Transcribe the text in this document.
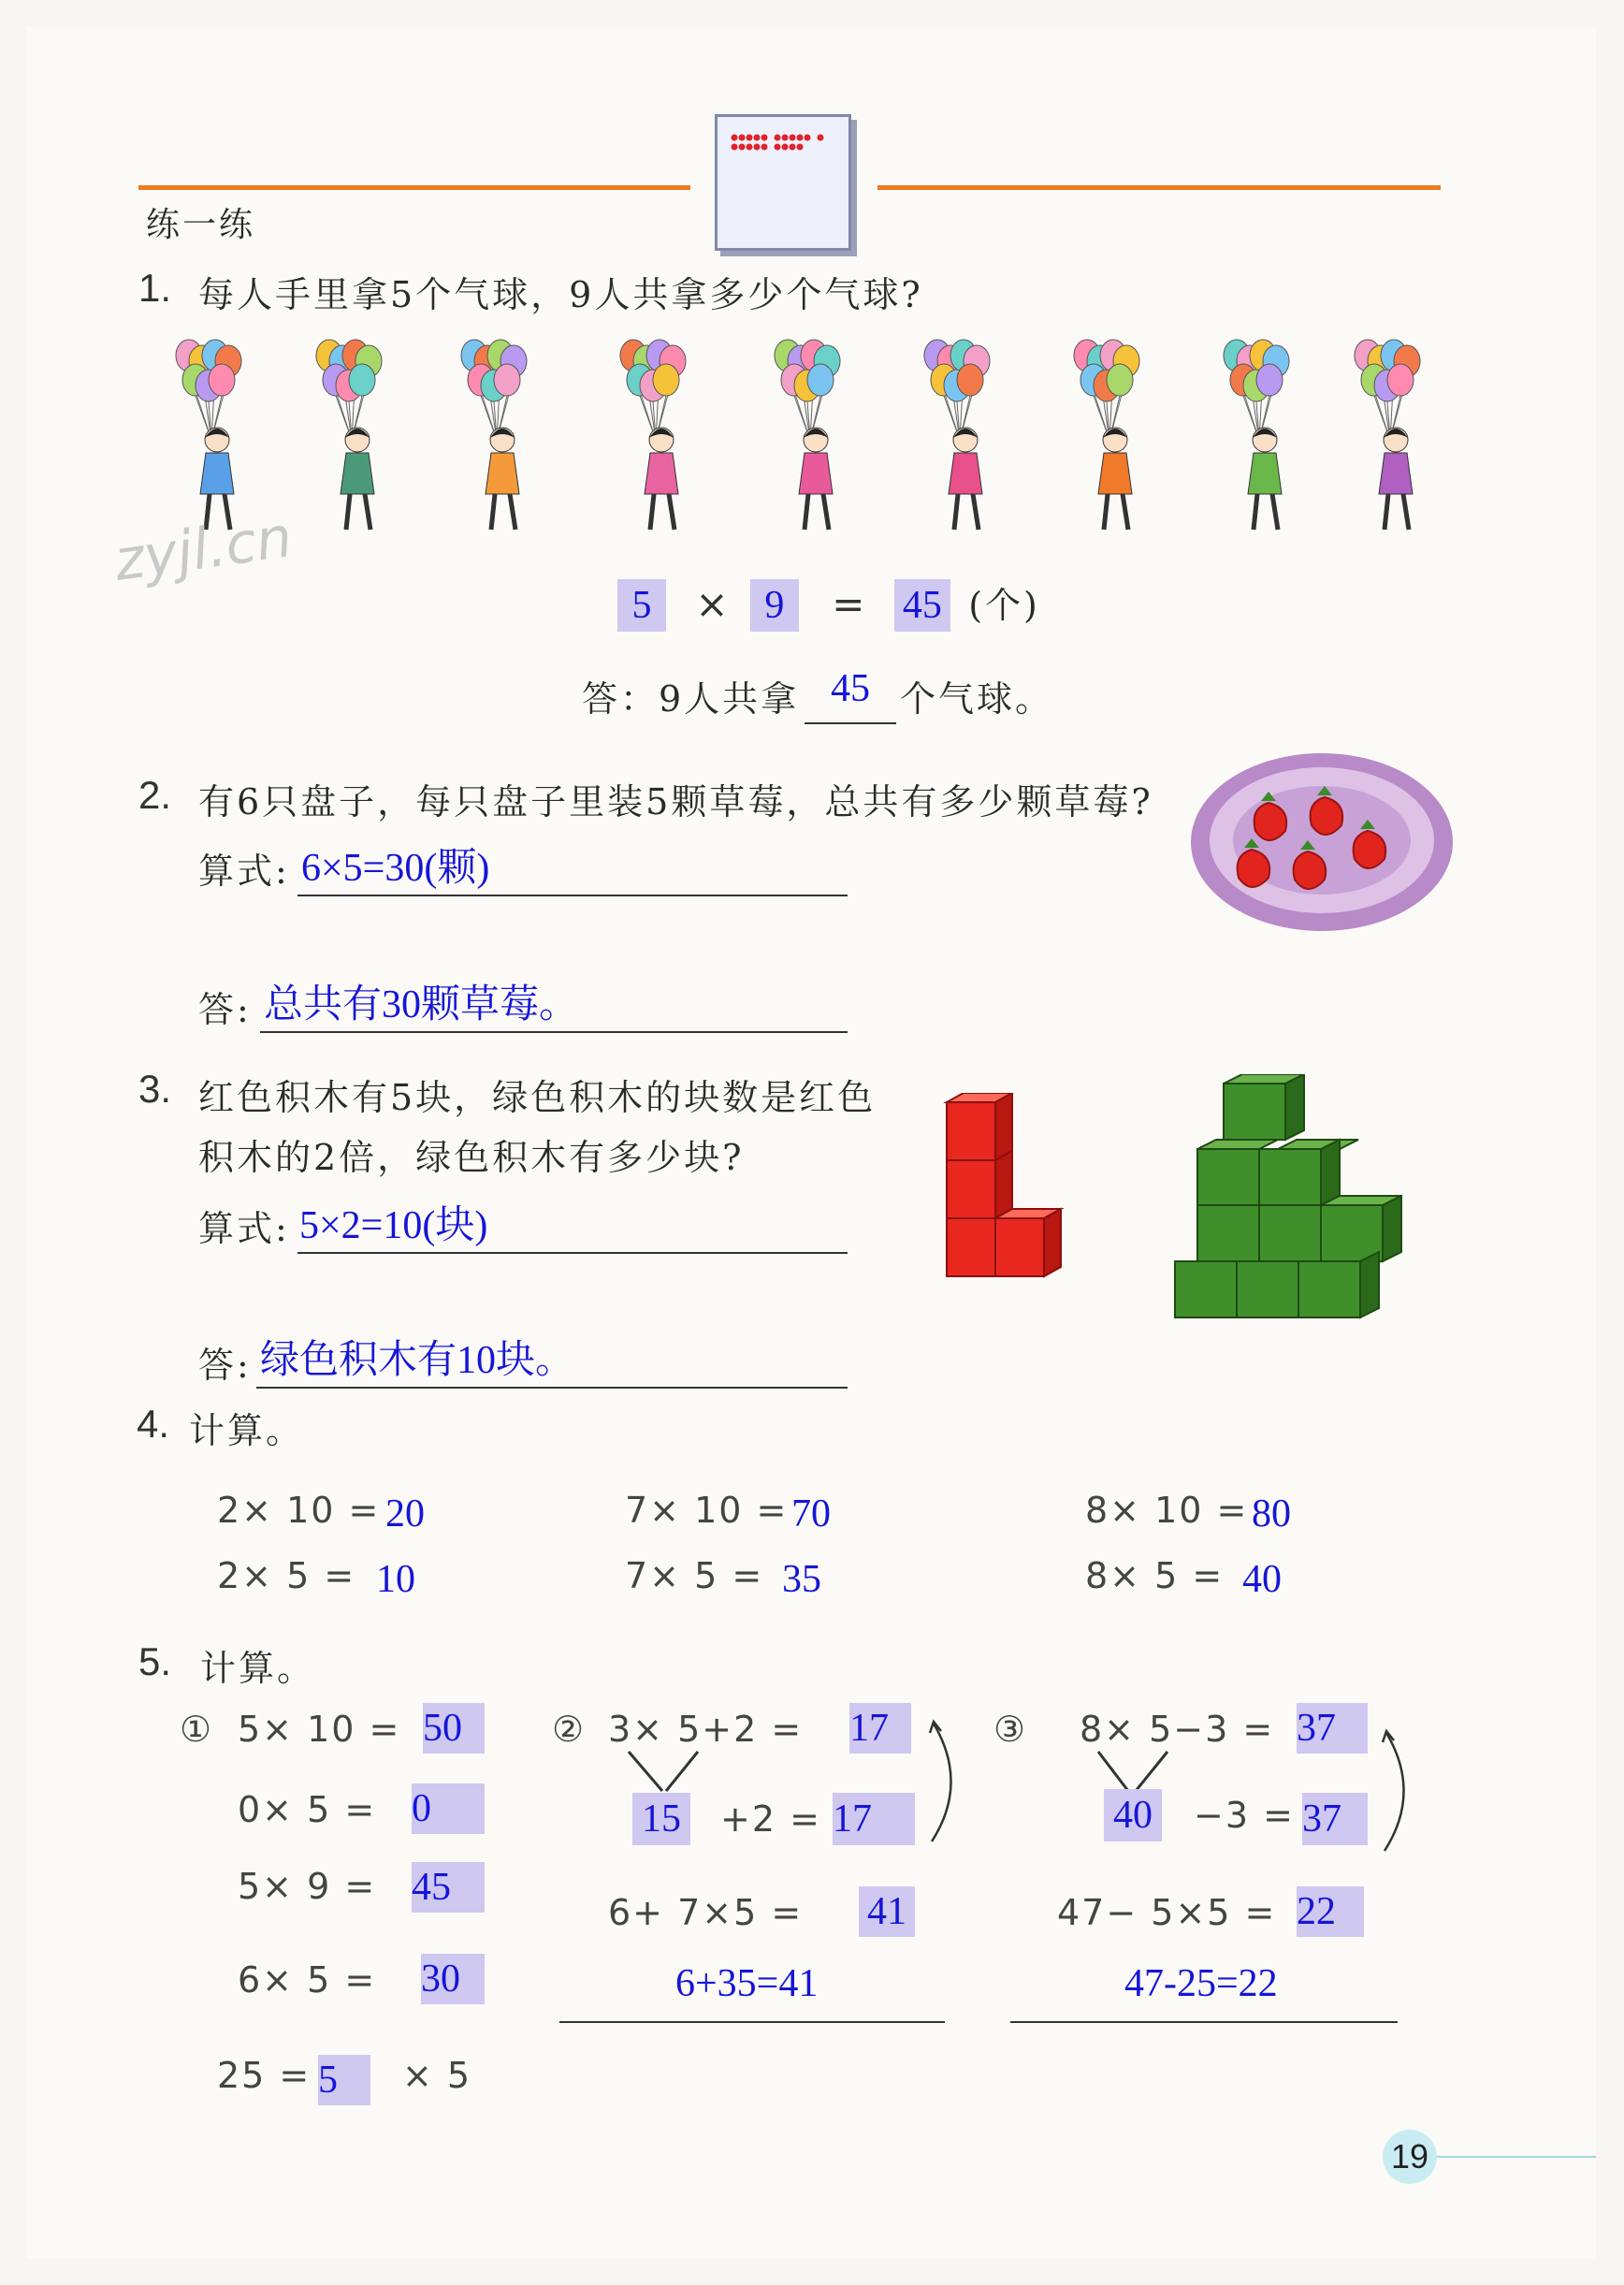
练一练
1. 每人手里拿5个气球，9人共拿多少个气球?
zyjl.cn
5 × 9 = 45 (个)
答：9人共拿 45 个气球。
2. 有6只盘子，每只盘子里装5颗草莓，总共有多少颗草莓?
算式: 6×5=30(颗)
答: 总共有30颗草莓。
3. 红色积木有5块，绿色积木的块数是红色
积木的2倍，绿色积木有多少块?
算式: 5×2=10(块)
答: 绿色积木有10块。
4. 计算。
2× 10 = 20	7× 10 = 70	8× 10 = 80
2× 5 = 10	7× 5 = 35	8× 5 = 40
5. 计算。
① 5× 10 = 50
0× 5 = 0
5× 9 = 45
6× 5 = 30
25 = 5	× 5
② 3× 5+2 = 17
15 +2 = 17
6+ 7×5 = 41
6+35=41
③ 8× 5−3 = 37
40 −3 = 37
47− 5×5 = 22
47-25=22
19
